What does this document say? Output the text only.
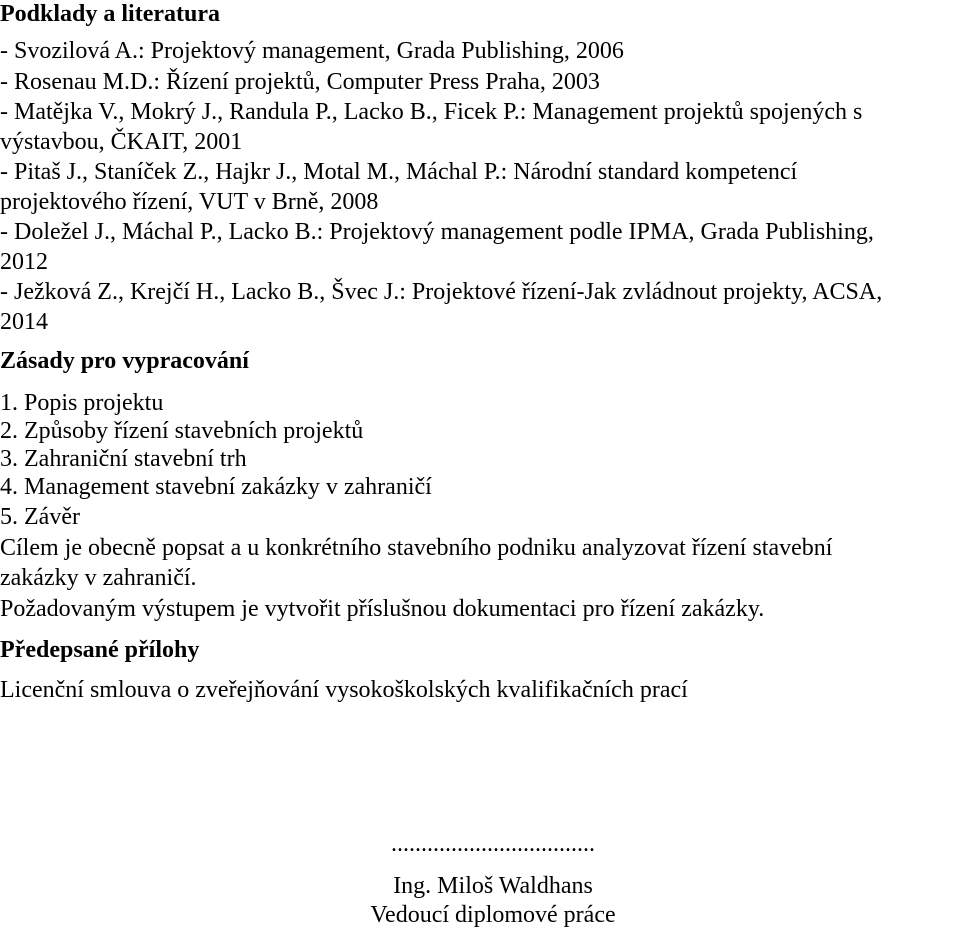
Podklady a literatura
- Svozilová A.: Projektový management, Grada Publishing, 2006
- Rosenau M.D.: Řízení projektů, Computer Press Praha, 2003
- Matějka V., Mokrý J., Randula P., Lacko B., Ficek P.: Management projektů spojených s
výstavbou, ČKAIT, 2001
- Pitaš J., Staníček Z., Hajkr J., Motal M., Máchal P.: Národní standard kompetencí
projektového řízení, VUT v Brně, 2008
- Doležel J., Máchal P., Lacko B.: Projektový management podle IPMA, Grada Publishing,
2012
- Ježková Z., Krejčí H., Lacko B., Švec J.: Projektové řízení-Jak zvládnout projekty, ACSA,
2014
Zásady pro vypracování
1. Popis projektu
2. Způsoby řízení stavebních projektů
3. Zahraniční stavební trh
4. Management stavební zakázky v zahraničí
5. Závěr
Cílem je obecně popsat a u konkrétního stavebního podniku analyzovat řízení stavební
zakázky v zahraničí.
Požadovaným výstupem je vytvořit příslušnou dokumentaci pro řízení zakázky.
Předepsané přílohy
Licenční smlouva o zveřejňování vysokoškolských kvalifikačních prací
..................................
Ing. Miloš Waldhans
Vedoucí diplomové práce
